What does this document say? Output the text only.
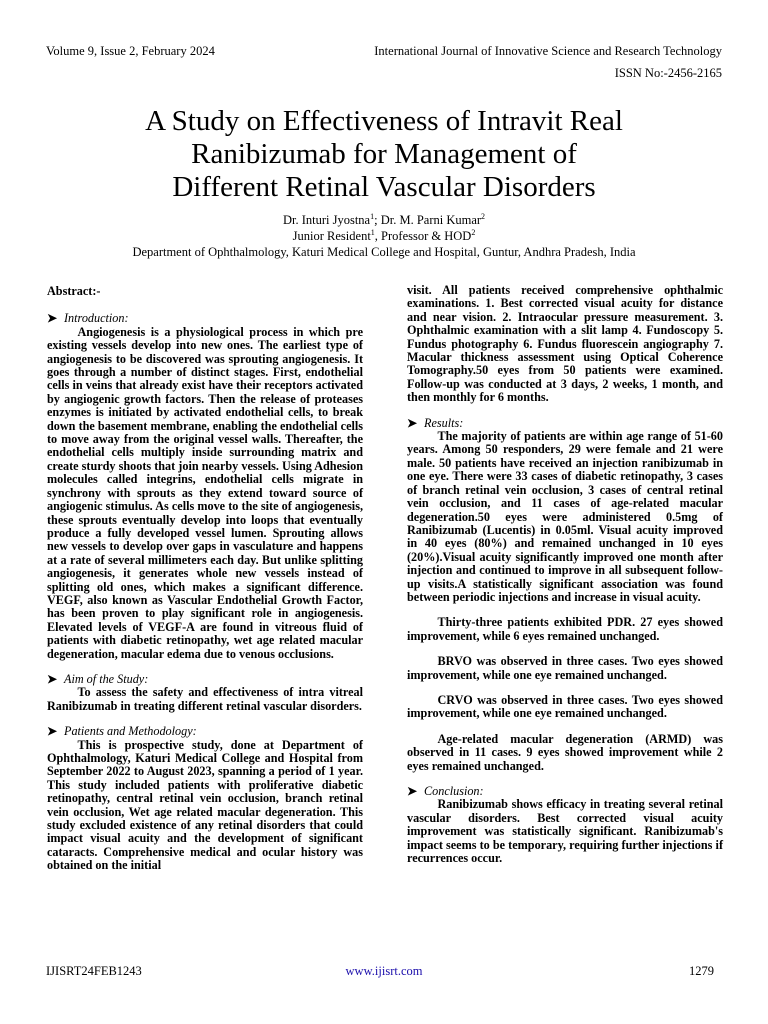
Volume 9, Issue 2, February 2024	International Journal of Innovative Science and Research Technology
ISSN No:-2456-2165
A Study on Effectiveness of Intravit Real
Ranibizumab for Management of
Different Retinal Vascular Disorders
Dr. Inturi Jyostna$^1$; Dr. M. Parni Kumar$^2$
Junior Resident$^1$, Professor & HOD$^2$
Department of Ophthalmology, Katuri Medical College and Hospital, Guntur, Andhra Pradesh, India

Abstract:-

➤ Introduction:

Angiogenesis is a physiological process in which pre existing vessels develop into new ones. The earliest type of angiogenesis to be discovered was sprouting angiogenesis. It goes through a number of distinct stages. First, endothelial cells in veins that already exist have their receptors activated by angiogenic growth factors. Then the release of proteases enzymes is initiated by activated endothelial cells, to break down the basement membrane, enabling the endothelial cells to move away from the original vessel walls. Thereafter, the endothelial cells multiply inside surrounding matrix and create sturdy shoots that join nearby vessels. Using Adhesion molecules called integrins, endothelial cells migrate in synchrony with sprouts as they extend toward source of angiogenic stimulus. As cells move to the site of angiogenesis, these sprouts eventually develop into loops that eventually produce a fully developed vessel lumen. Sprouting allows new vessels to develop over gaps in vasculature and happens at a rate of several millimeters each day. But unlike splitting angiogenesis, it generates whole new vessels instead of splitting old ones, which makes a significant difference. VEGF, also known as Vascular Endothelial Growth Factor, has been proven to play significant role in angiogenesis. Elevated levels of VEGF-A are found in vitreous fluid of patients with diabetic retinopathy, wet age related macular degeneration, macular edema due to venous occlusions.

➤ Aim of the Study:

To assess the safety and effectiveness of intra vitreal Ranibizumab in treating different retinal vascular disorders.

➤ Patients and Methodology:

This is prospective study, done at Department of Ophthalmology, Katuri Medical College and Hospital from September 2022 to August 2023, spanning a period of 1 year. This study included patients with proliferative diabetic retinopathy, central retinal vein occlusion, branch retinal vein occlusion, Wet age related macular degeneration. This study excluded existence of any retinal disorders that could impact visual acuity and the development of significant cataracts. Comprehensive medical and ocular history was obtained on the initial

visit. All patients received comprehensive ophthalmic examinations. 1. Best corrected visual acuity for distance and near vision. 2. Intraocular pressure measurement. 3. Ophthalmic examination with a slit lamp 4. Fundoscopy 5. Fundus photography 6. Fundus fluorescein angiography 7. Macular thickness assessment using Optical Coherence Tomography.50 eyes from 50 patients were examined. Follow-up was conducted at 3 days, 2 weeks, 1 month, and then monthly for 6 months.

➤ Results:

The majority of patients are within age range of 51-60 years. Among 50 responders, 29 were female and 21 were male. 50 patients have received an injection ranibizumab in one eye. There were 33 cases of diabetic retinopathy, 3 cases of branch retinal vein occlusion, 3 cases of central retinal vein occlusion, and 11 cases of age-related macular degeneration.50 eyes were administered 0.5mg of Ranibizumab (Lucentis) in 0.05ml. Visual acuity improved in 40 eyes (80%) and remained unchanged in 10 eyes (20%).Visual acuity significantly improved one month after injection and continued to improve in all subsequent follow-up visits.A statistically significant association was found between periodic injections and increase in visual acuity.

Thirty-three patients exhibited PDR. 27 eyes showed improvement, while 6 eyes remained unchanged.

BRVO was observed in three cases. Two eyes showed improvement, while one eye remained unchanged.

CRVO was observed in three cases. Two eyes showed improvement, while one eye remained unchanged.

Age-related macular degeneration (ARMD) was observed in 11 cases. 9 eyes showed improvement while 2 eyes remained unchanged.

➤ Conclusion:

Ranibizumab shows efficacy in treating several retinal vascular disorders. Best corrected visual acuity improvement was statistically significant. Ranibizumab's impact seems to be temporary, requiring further injections if recurrences occur.

IJISRT24FEB1243	www.ijisrt.com	1279
